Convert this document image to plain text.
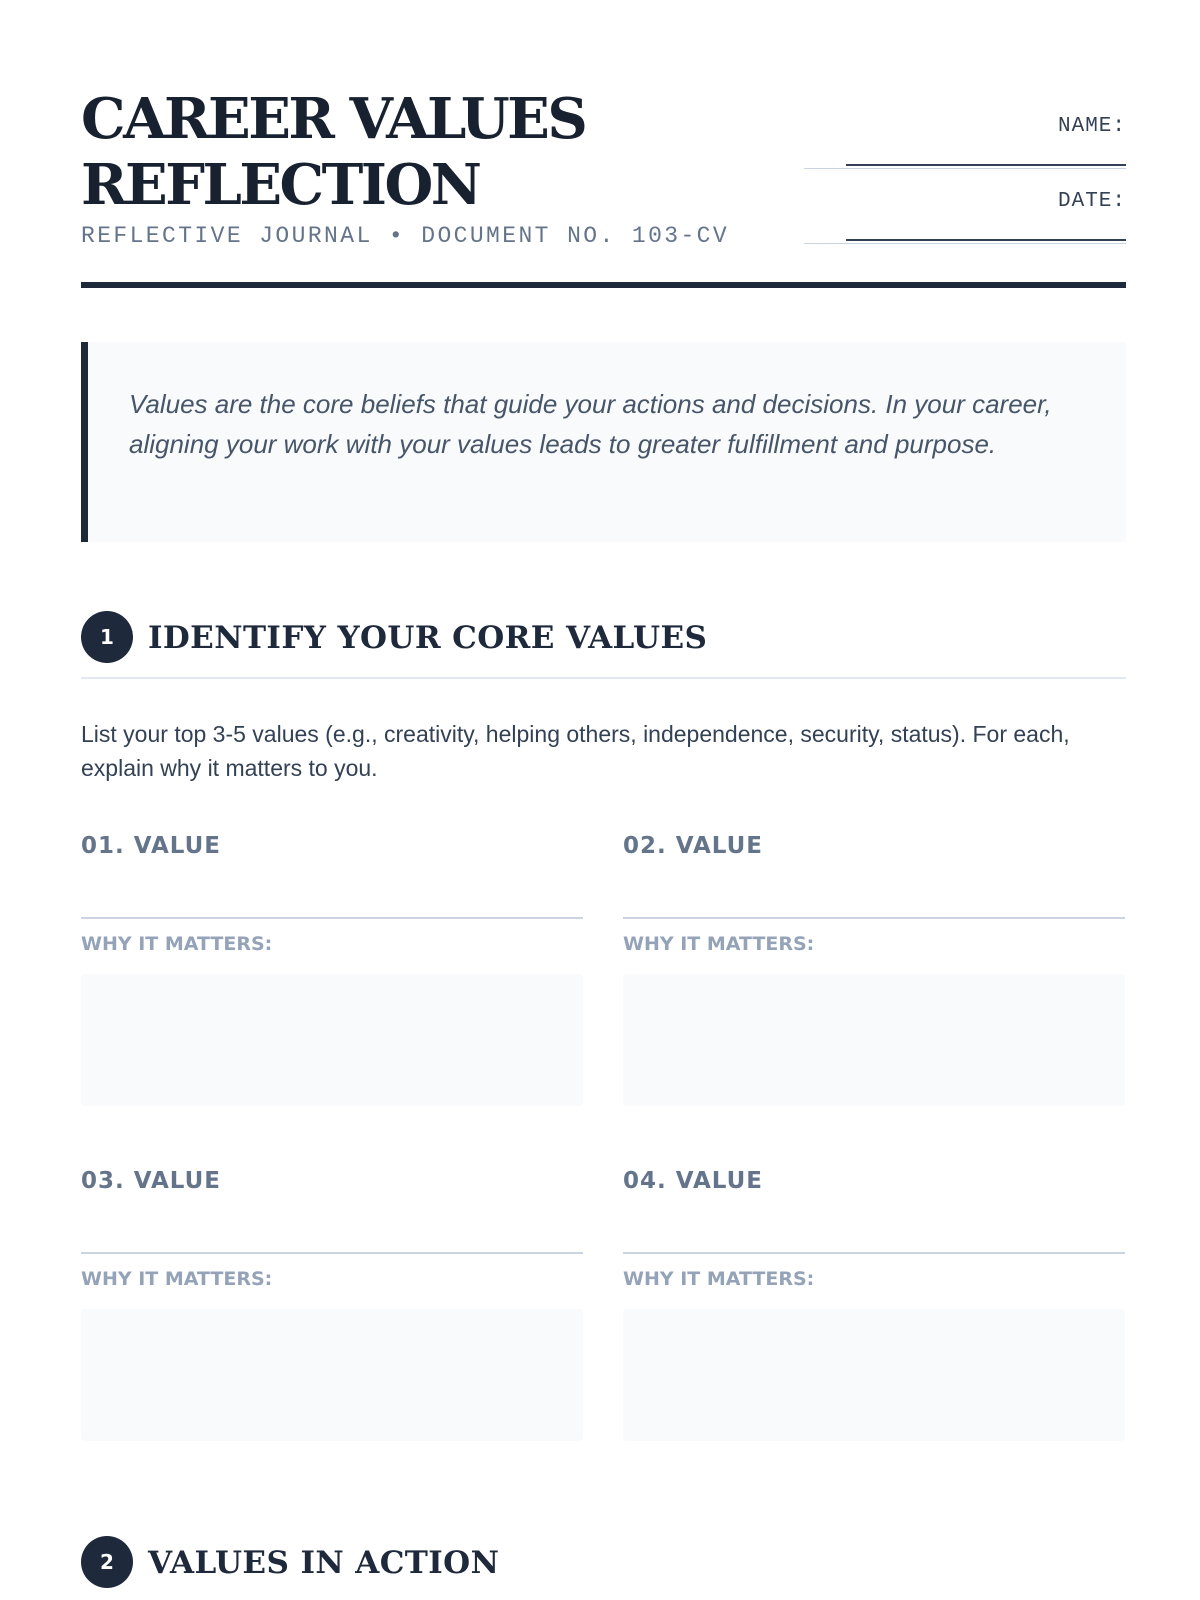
CAREER VALUES REFLECTION
REFLECTIVE JOURNAL • DOCUMENT NO. 103-CV
NAME:
DATE:

Values are the core beliefs that guide your actions and decisions. In your career, aligning your work with your values leads to greater fulfillment and purpose.

1	IDENTIFY YOUR CORE VALUES

List your top 3-5 values (e.g., creativity, helping others, independence, security, status). For each, explain why it matters to you.

01. VALUE
WHY IT MATTERS:
02. VALUE
WHY IT MATTERS:
03. VALUE
WHY IT MATTERS:
04. VALUE
WHY IT MATTERS:
2	VALUES IN ACTION
